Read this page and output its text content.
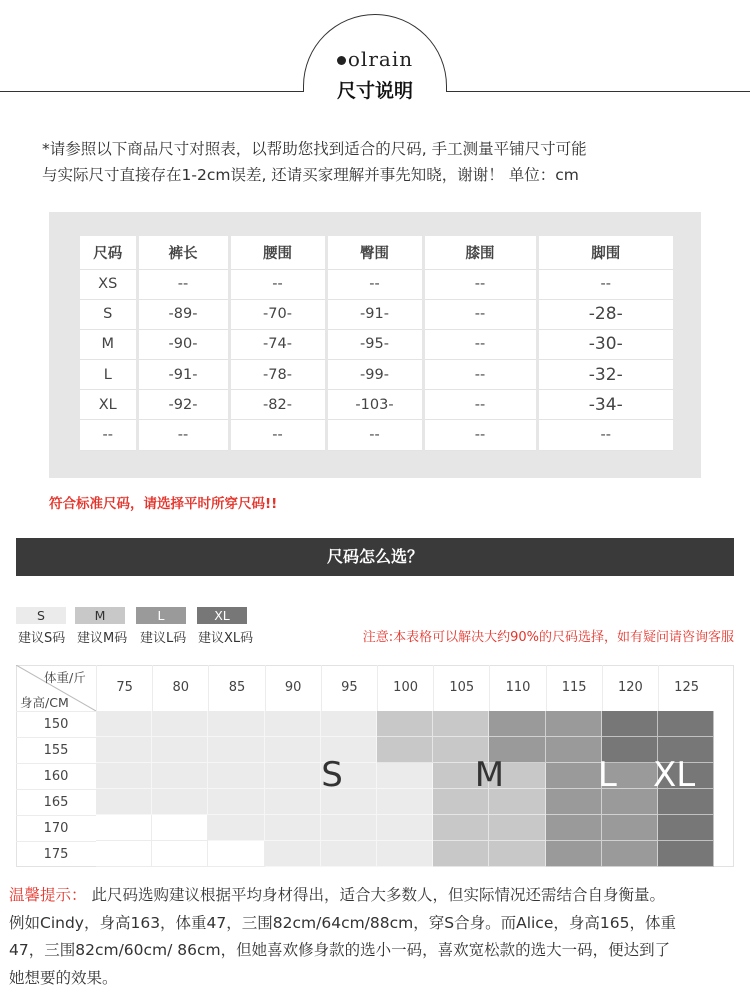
olrain
尺寸说明
*请参照以下商品尺寸对照表，以帮助您找到适合的尺码, 手工测量平铺尺寸可能
与实际尺寸直接存在1-2cm误差, 还请买家理解并事先知晓，谢谢！ 单位：cm
尺码	裤长	腰围	臀围	膝围	脚围
XS	--	--	--	--	--
S	-89-	-70-	-91-	--	-28-
M	-90-	-74-	-95-	--	-30-
L	-91-	-78-	-99-	--	-32-
XL	-92-	-82-	-103-	--	-34-
--	--	--	--	--	--
符合标准尺码，请选择平时所穿尺码!!
尺码怎么选？
S
建议S码
M
建议M码
L
建议L码
XL
建议XL码	注意:本表格可以解决大约90%的尺码选择，如有疑问请咨询客服
体重/斤
身高/CM
75	80	85	90	95	100	105	110	115	120	125
150
155
160
165
170
175
S	M	L XL
温馨提示： 此尺码选购建议根据平均身材得出，适合大多数人，但实际情况还需结合自身衡量。
例如Cindy，身高163，体重47，三围82cm/64cm/88cm，穿S合身。而Alice，身高165，体重
47，三围82cm/60cm/ 86cm，但她喜欢修身款的选小一码，喜欢宽松款的选大一码，便达到了
她想要的效果。
